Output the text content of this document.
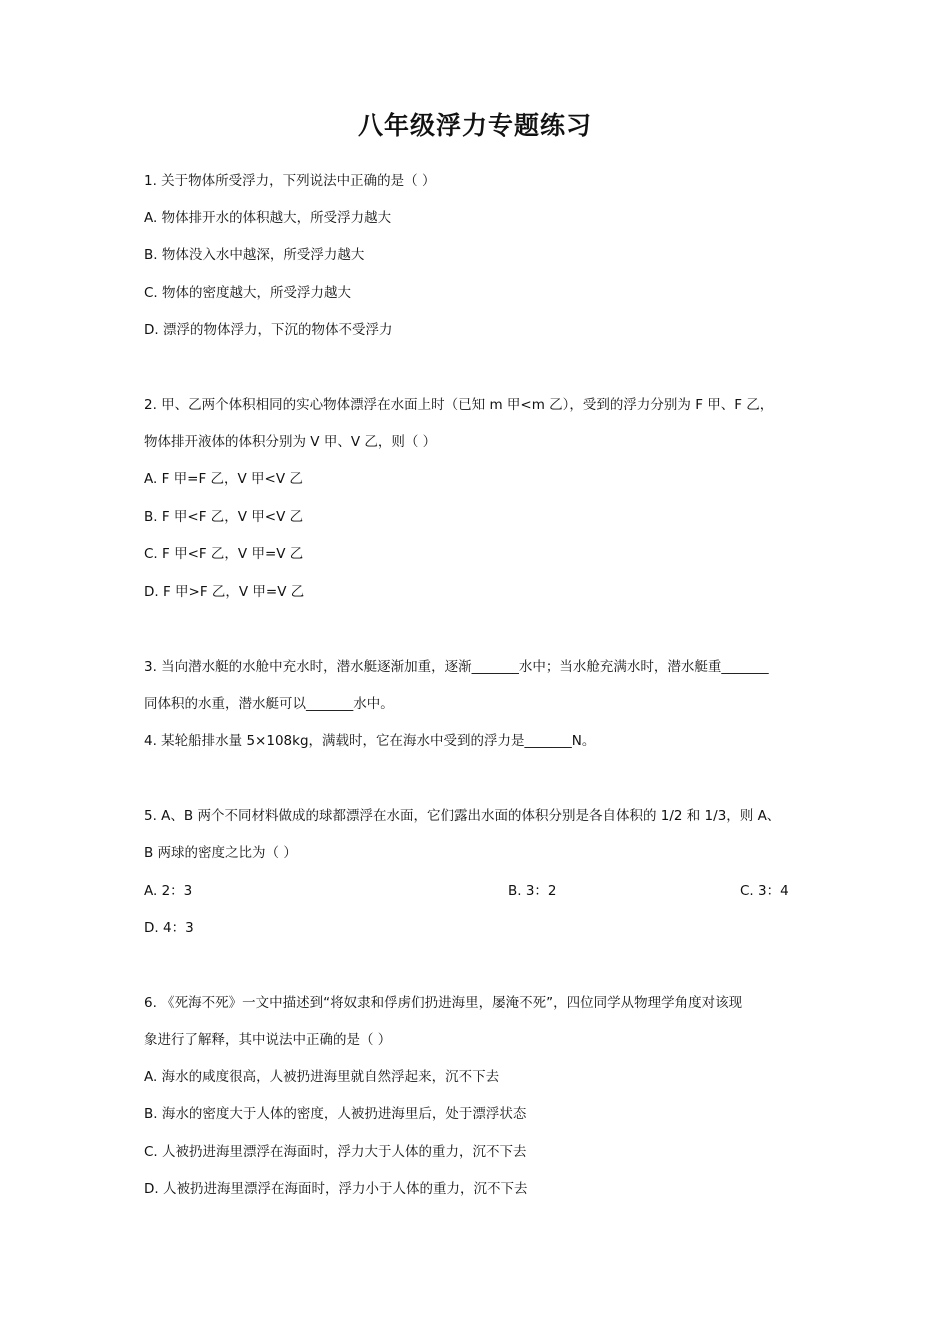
八年级浮力专题练习
1. 关于物体所受浮力，下列说法中正确的是（ ）
A. 物体排开水的体积越大，所受浮力越大
B. 物体没入水中越深，所受浮力越大
C. 物体的密度越大，所受浮力越大
D. 漂浮的物体浮力，下沉的物体不受浮力
2. 甲、乙两个体积相同的实心物体漂浮在水面上时（已知 m 甲<m 乙），受到的浮力分别为 F 甲、F 乙，
物体排开液体的体积分别为 V 甲、V 乙，则（ ）
A. F 甲=F 乙，V 甲<V 乙
B. F 甲<F 乙，V 甲<V 乙
C. F 甲<F 乙，V 甲=V 乙
D. F 甲>F 乙，V 甲=V 乙
3. 当向潜水艇的水舱中充水时，潜水艇逐渐加重，逐渐_______水中；当水舱充满水时，潜水艇重_______
同体积的水重，潜水艇可以_______水中。
4. 某轮船排水量 5×108kg，满载时，它在海水中受到的浮力是_______N。
5. A、B 两个不同材料做成的球都漂浮在水面，它们露出水面的体积分别是各自体积的 1/2 和 1/3，则 A、
B 两球的密度之比为（ ）
A. 2：3	B. 3：2	C. 3：4
D. 4：3
6. 《死海不死》一文中描述到“将奴隶和俘虏们扔进海里，屡淹不死”，四位同学从物理学角度对该现
象进行了解释，其中说法中正确的是（ ）
A. 海水的咸度很高，人被扔进海里就自然浮起来，沉不下去
B. 海水的密度大于人体的密度，人被扔进海里后，处于漂浮状态
C. 人被扔进海里漂浮在海面时，浮力大于人体的重力，沉不下去
D. 人被扔进海里漂浮在海面时，浮力小于人体的重力，沉不下去
